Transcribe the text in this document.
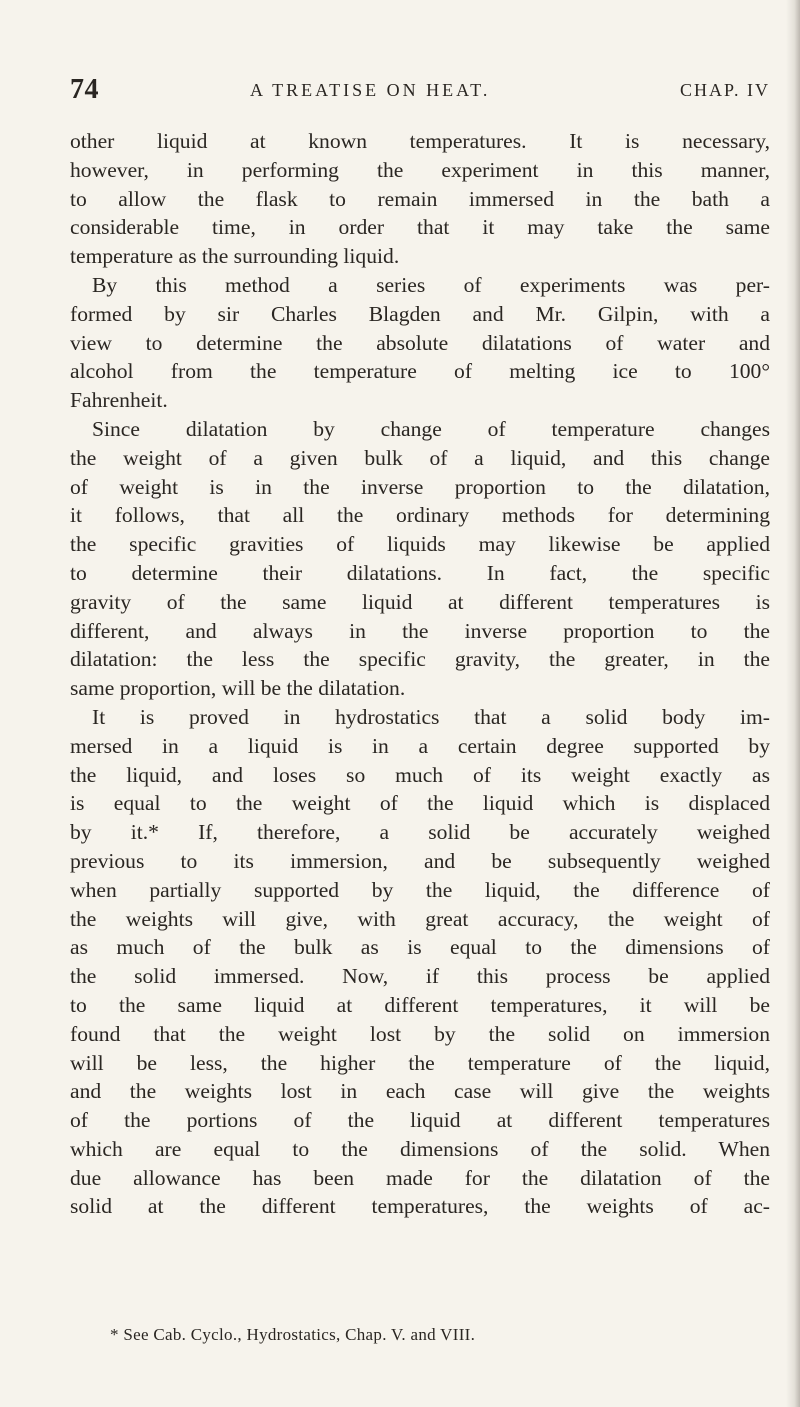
74	A TREATISE ON HEAT.	CHAP. IV
other liquid at known temperatures. It is necessary,
however, in performing the experiment in this manner,
to allow the flask to remain immersed in the bath a
considerable time, in order that it may take the same
temperature as the surrounding liquid.
By this method a series of experiments was per-
formed by sir Charles Blagden and Mr. Gilpin, with a
view to determine the absolute dilatations of water and
alcohol from the temperature of melting ice to 100°
Fahrenheit.
Since dilatation by change of temperature changes
the weight of a given bulk of a liquid, and this change
of weight is in the inverse proportion to the dilatation,
it follows, that all the ordinary methods for determining
the specific gravities of liquids may likewise be applied
to determine their dilatations. In fact, the specific
gravity of the same liquid at different temperatures is
different, and always in the inverse proportion to the
dilatation: the less the specific gravity, the greater, in the
same proportion, will be the dilatation.
It is proved in hydrostatics that a solid body im-
mersed in a liquid is in a certain degree supported by
the liquid, and loses so much of its weight exactly as
is equal to the weight of the liquid which is displaced
by it.* If, therefore, a solid be accurately weighed
previous to its immersion, and be subsequently weighed
when partially supported by the liquid, the difference of
the weights will give, with great accuracy, the weight of
as much of the bulk as is equal to the dimensions of
the solid immersed. Now, if this process be applied
to the same liquid at different temperatures, it will be
found that the weight lost by the solid on immersion
will be less, the higher the temperature of the liquid,
and the weights lost in each case will give the weights
of the portions of the liquid at different temperatures
which are equal to the dimensions of the solid. When
due allowance has been made for the dilatation of the
solid at the different temperatures, the weights of ac-
* See Cab. Cyclo., Hydrostatics, Chap. V. and VIII.
